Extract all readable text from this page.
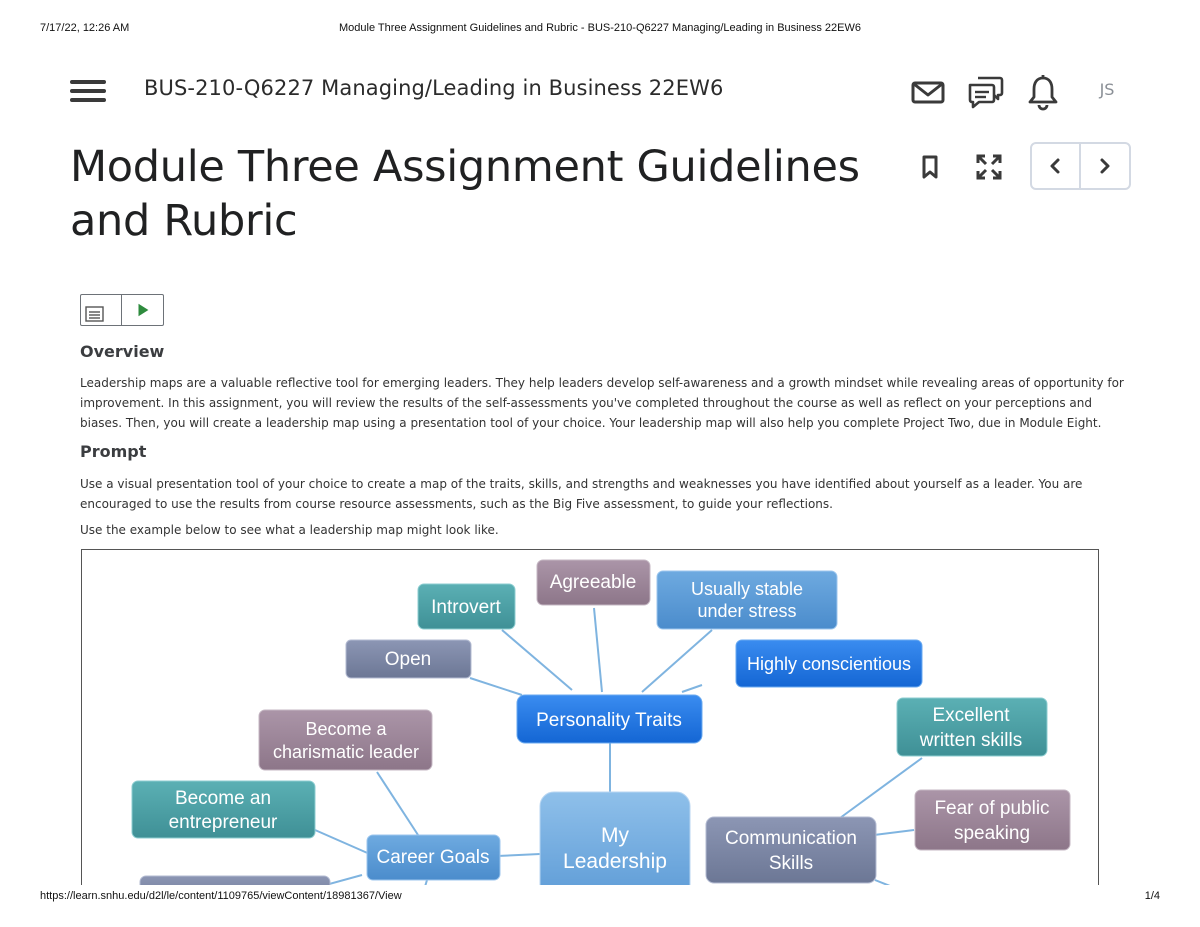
7/17/22, 12:26 AM	Module Three Assignment Guidelines and Rubric - BUS-210-Q6227 Managing/Leading in Business 22EW6
BUS-210-Q6227 Managing/Leading in Business 22EW6	JS
Module Three Assignment Guidelines
and Rubric
Overview

Leadership maps are a valuable reflective tool for emerging leaders. They help leaders develop self-awareness and a growth mindset while revealing areas of opportunity for improvement. In this assignment, you will review the results of the self-assessments you've completed throughout the course as well as reflect on your perceptions and biases. Then, you will create a leadership map using a presentation tool of your choice. Your leadership map will also help you complete Project Two, due in Module Eight.

Prompt

Use a visual presentation tool of your choice to create a map of the traits, skills, and strengths and weaknesses you have identified about yourself as a leader. You are encouraged to use the results from course resource assessments, such as the Big Five assessment, to guide your reflections.

Use the example below to see what a leadership map might look like.

Personality Traits
Introvert
Agreeable	Usually stable
under stress
Open	Highly conscientious
Become a
charismatic leader
Excellent
written skills
Become an
entrepreneur
Career Goals
My
Leadership
Communication
Skills
Fear of public
speaking
https://learn.snhu.edu/d2l/le/content/1109765/viewContent/18981367/View	1/4
